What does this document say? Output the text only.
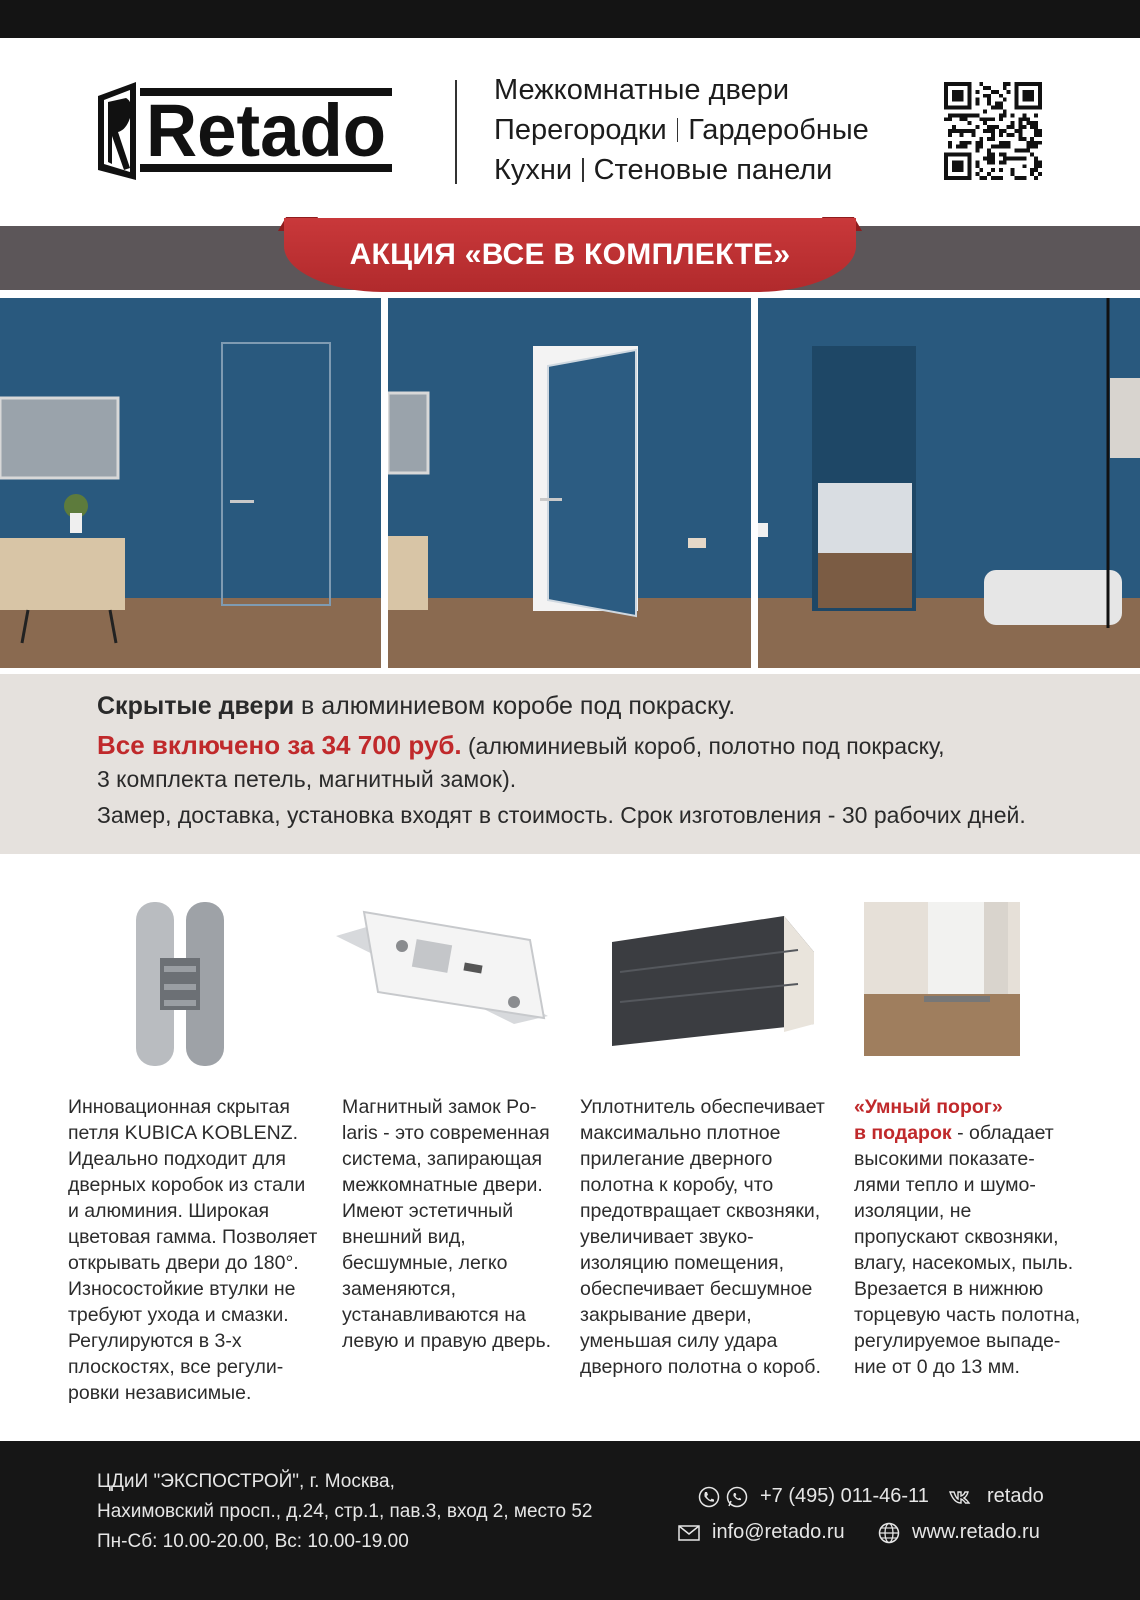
Retado	Межкомнатные двери
Перегородки Гардеробные
Кухни Стеновые панели
АКЦИЯ «ВСЕ В КОМПЛЕКТЕ»

Скрытые двери в алюминиевом коробе под покраску.

Все включено за 34 700 руб. (алюминиевый короб, полотно под покраску,

3 комплекта петель, магнитный замок).

Замер, доставка, установка входят в стоимость. Срок изготовления - 30 рабочих дней.

Инновационная скрытая
петля KUBICA KOBLENZ.
Идеально подходит для
дверных коробок из стали
и алюминия. Широкая
цветовая гамма. Позволяет
открывать двери до 180°.
Износостойкие втулки не
требуют ухода и смазки.
Регулируются в 3-х
плоскостях, все регули-
ровки независимые.
Магнитный замок Po-
laris - это современная
система, запирающая
межкомнатные двери.
Имеют эстетичный
внешний вид,
бесшумные, легко
заменяются,
устанавливаются на
левую и правую дверь.
Уплотнитель обеспечивает
максимально плотное
прилегание дверного
полотна к коробу, что
предотвращает сквозняки,
увеличивает звуко-
изоляцию помещения,
обеспечивает бесшумное
закрывание двери,
уменьшая силу удара
дверного полотна о короб.
«Умный порог»
в подарок - обладает
высокими показате-
лями тепло и шумо-
изоляции, не
пропускают сквозняки,
влагу, насекомых, пыль.
Врезается в нижнюю
торцевую часть полотна,
регулируемое выпаде-
ние от 0 до 13 мм.
ЦДиИ "ЭКСПОСТРОЙ", г. Москва,
Нахимовский просп., д.24, стр.1, пав.3, вход 2, место 52
Пн-Сб: 10.00-20.00, Вс: 10.00-19.00
+7 (495) 011-46-11	retado
info@retado.ru	www.retado.ru
